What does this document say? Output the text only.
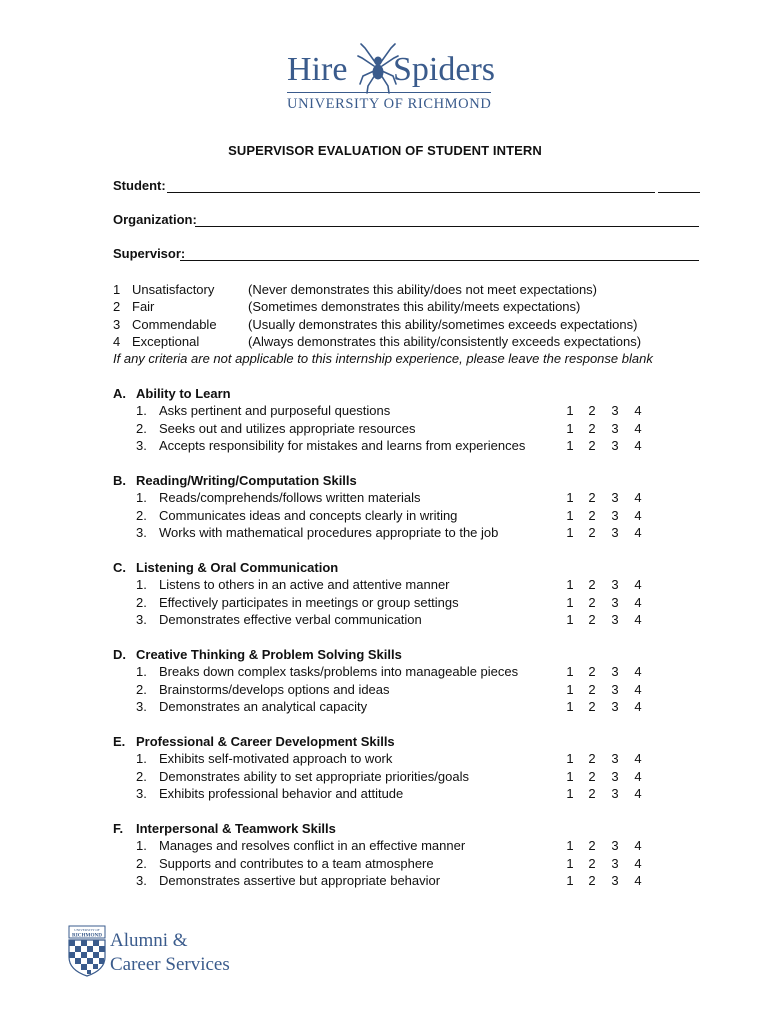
Hire Spiders
UNIVERSITY OF RICHMOND
SUPERVISOR EVALUATION OF STUDENT INTERN
Student:
Organization:
Supervisor:
1 Unsatisfactory	(Never demonstrates this ability/does not meet expectations)
2 Fair	(Sometimes demonstrates this ability/meets expectations)
3 Commendable (Usually demonstrates this ability/sometimes exceeds expectations)
4 Exceptional	(Always demonstrates this ability/consistently exceeds expectations)
If any criteria are not applicable to this internship experience, please leave the response blank
A. Ability to Learn
1. Asks pertinent and purposeful questions	1 2 3 4
2. Seeks out and utilizes appropriate resources	1 2 3 4
3. Accepts responsibility for mistakes and learns from experiences	1 2 3 4
B. Reading/Writing/Computation Skills
1. Reads/comprehends/follows written materials	1 2 3 4
2. Communicates ideas and concepts clearly in writing	1 2 3 4
3. Works with mathematical procedures appropriate to the job	1 2 3 4
C. Listening & Oral Communication
1. Listens to others in an active and attentive manner	1 2 3 4
2. Effectively participates in meetings or group settings	1 2 3 4
3. Demonstrates effective verbal communication	1 2 3 4
D. Creative Thinking & Problem Solving Skills
1. Breaks down complex tasks/problems into manageable pieces	1 2 3 4
2. Brainstorms/develops options and ideas	1 2 3 4
3. Demonstrates an analytical capacity	1 2 3 4
E. Professional & Career Development Skills
1. Exhibits self-motivated approach to work	1 2 3 4
2. Demonstrates ability to set appropriate priorities/goals	1 2 3 4
3. Exhibits professional behavior and attitude	1 2 3 4
F. Interpersonal & Teamwork Skills
1. Manages and resolves conflict in an effective manner	1 2 3 4
2. Supports and contributes to a team atmosphere	1 2 3 4
3. Demonstrates assertive but appropriate behavior	1 2 3 4
UNIVERSITY OF
RICHMOND Alumni &
Career Services
